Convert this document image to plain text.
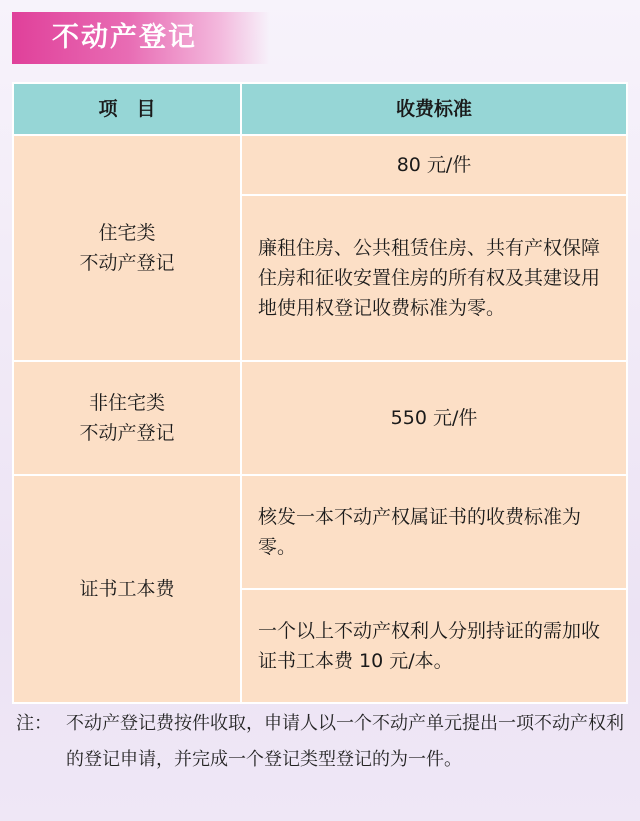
不动产登记
项　目	收费标准

住宅类
不动产登记	80 元/件
	廉租住房、公共租赁住房、共有产权保障住房和征收安置住房的所有权及其建设用地使用权登记收费标准为零。

非住宅类
不动产登记	550 元/件

证书工本费	核发一本不动产权属证书的收费标准为零。
	一个以上不动产权利人分别持证的需加收证书工本费 10 元/本。
注： 不动产登记费按件收取，申请人以一个不动产单元提出一项不动产权利的登记申请，并完成一个登记类型登记的为一件。
